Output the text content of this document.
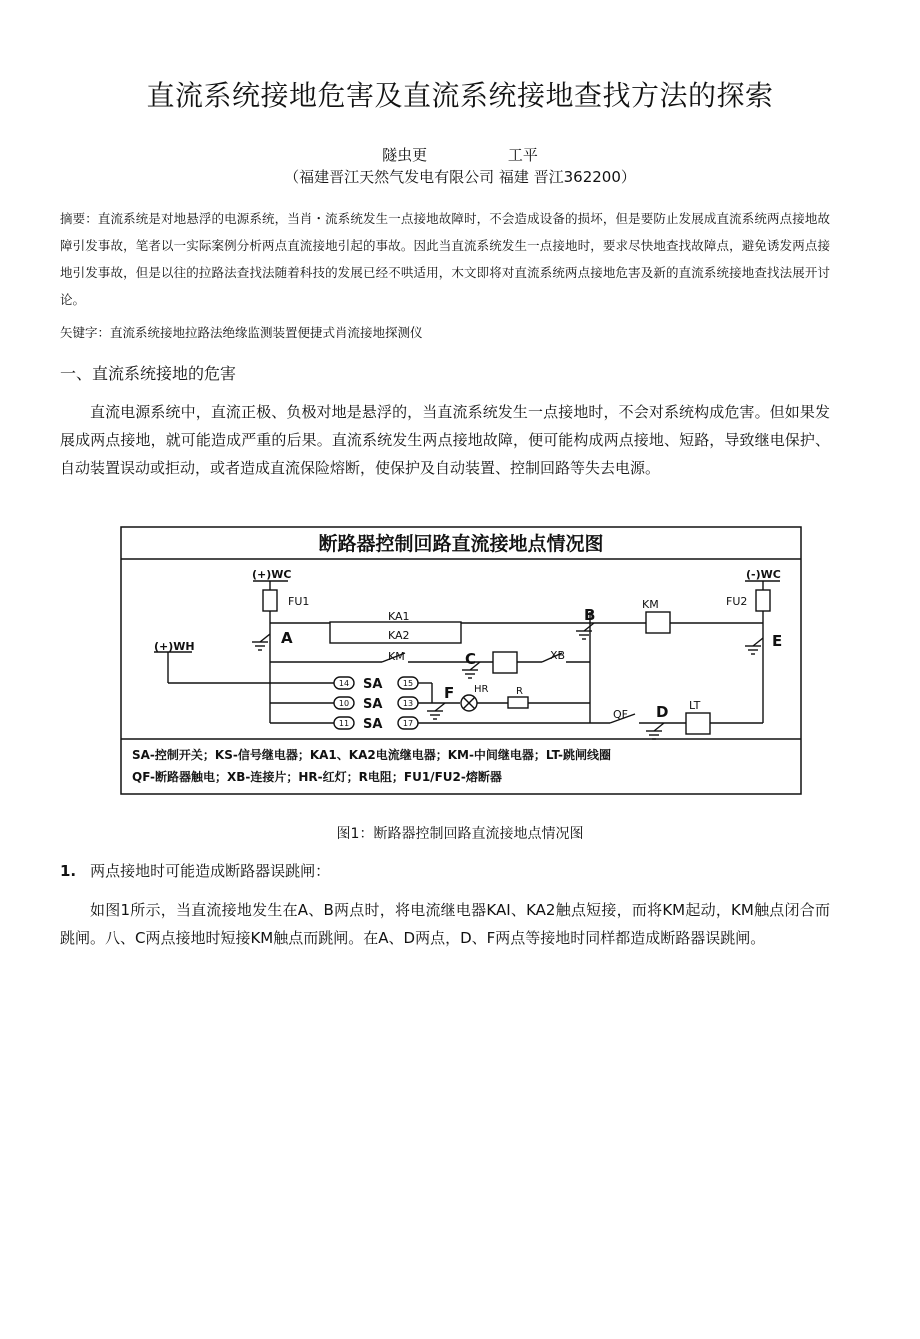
直流系统接地危害及直流系统接地查找方法的探索
隧虫更	工平
（福建晋江天然气发电有限公司 福建 晋江362200）
摘要：直流系统是对地悬浮的电源系统，当肖・流系统发生一点接地故障时，不会造成设备的损坏，但是要防止发展成直流系统两点接地故障引发事故，笔者以一实际案例分析两点直流接地引起的事故。因此当直流系统发生一点接地时，要求尽快地查找故障点，避免诱发两点接地引发事故，但是以往的拉路法查找法随着科技的发展已经不哄适用，木文即将对直流系统两点接地危害及新的直流系统接地查找法展开讨论。
矢键字：直流系统接地拉路法绝缘监测装置便捷式肖流接地探测仪
一、直流系统接地的危害
直流电源系统中，直流正极、负极对地是悬浮的，当直流系统发生一点接地时，不会对系统构成危害。但如果发展成两点接地，就可能造成严重的后果。直流系统发生两点接地故障，便可能构成两点接地、短路，导致继电保护、自动装置误动或拒动，或者造成直流保险熔断，使保护及自动装置、控制回路等失去电源。
断路器控制回路直流接地点情况图
(+)WC
FU1
(-)WC
FU2
KA1
KA2
KM
B
KM	XB
C
(+)WH
14
10
11
SA
SA
SA
15
13
17
HR	R
F
QF D LT
A	E
SA-控制开关；KS-信号继电器；KA1、KA2电流继电器；KM-中间继电器；LT-跳闸线圈
QF-断路器触电；XB-连接片；HR-红灯；R电阻；FU1/FU2-熔断器
图1：断路器控制回路直流接地点情况图
1. 两点接地时可能造成断路器误跳闸：
如图1所示，当直流接地发生在A、B两点时，将电流继电器KAI、KA2触点短接，而将KM起动，KM触点闭合而跳闸。八、C两点接地时短接KM触点而跳闸。在A、D两点，D、F两点等接地时同样都造成断路器误跳闸。
